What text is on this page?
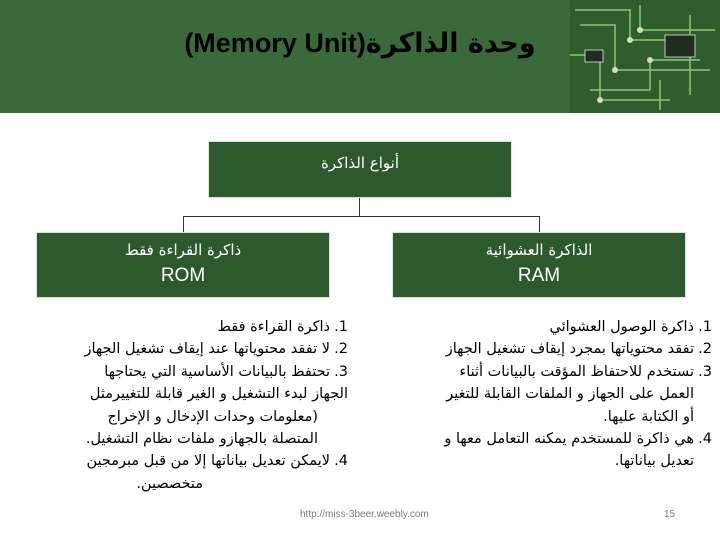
(Memory Unit)وحدة الذاكرة
أنواع الذاكرة
ذاكرة القراءة فقط
ROM
الذاكرة العشوائية
RAM

1.ذاكرة الوصول العشوائي

2.تفقد محتوياتها بمجرد إيقاف تشغيل الجهاز

3.تستخدم للاحتفاظ المؤقت بالبيانات أثناء

العمل على الجهاز و الملفات القابلة للتغير

أو الكتابة عليها.

4.هي ذاكرة للمستخدم يمكنه التعامل معها و

تعديل بياناتها.

1.ذاكرة القراءة فقط

2.لا تفقد محتوياتها عند إيقاف تشغيل الجهاز

3.تحتفظ بالبيانات الأساسية التي يحتاجها

الجهاز لبدء التشغيل و الغير قابلة للتغييرمثل

(معلومات وحدات الإدخال و الإخراج

المتصلة بالجهازو ملفات نظام التشغيل.

4.لايمكن تعديل بياناتها إلا من قبل مبرمجين

متخصصين.

http://miss-3beer.weebly.com	15
